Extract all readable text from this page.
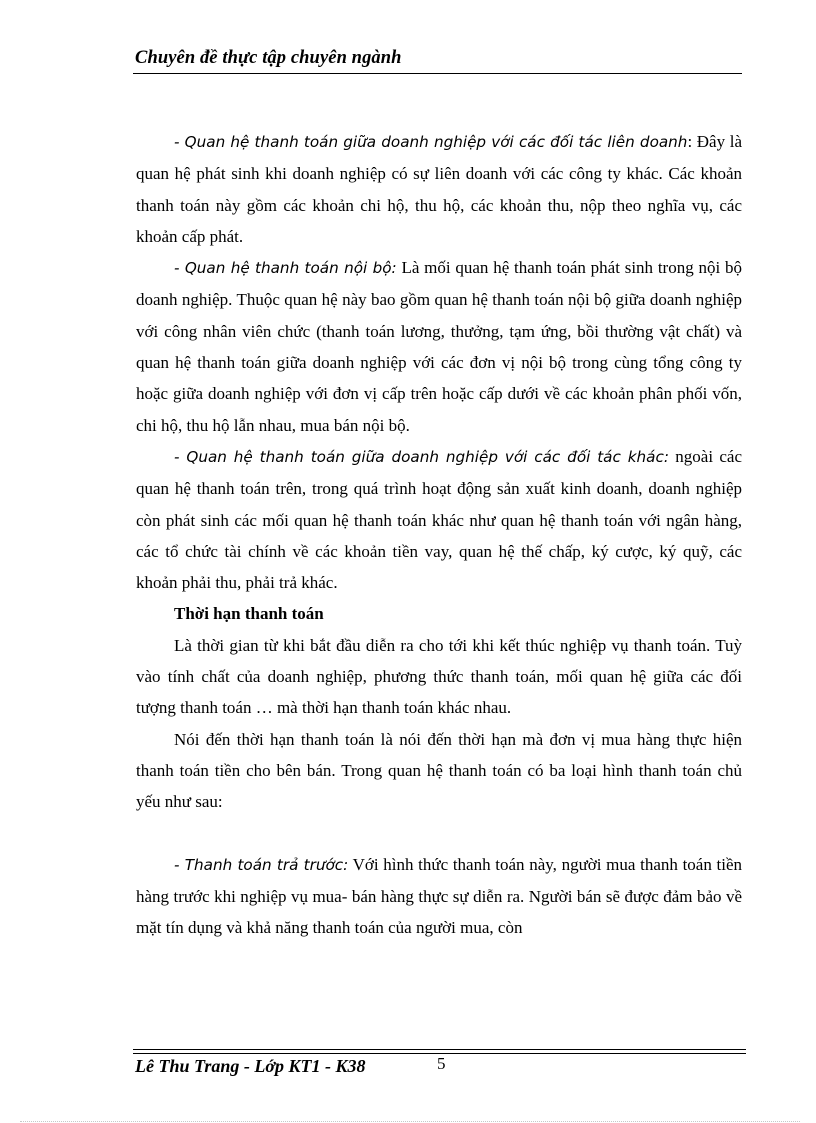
Chuyên đề thực tập chuyên ngành

- Quan hệ thanh toán giữa doanh nghiệp với các đối tác liên doanh: Đây là quan hệ phát sinh khi doanh nghiệp có sự liên doanh với các công ty khác. Các khoản thanh toán này gồm các khoản chi hộ, thu hộ, các khoản thu, nộp theo nghĩa vụ, các khoản cấp phát.

- Quan hệ thanh toán nội bộ: Là mối quan hệ thanh toán phát sinh trong nội bộ doanh nghiệp. Thuộc quan hệ này bao gồm quan hệ thanh toán nội bộ giữa doanh nghiệp với công nhân viên chức (thanh toán lương, thưởng, tạm ứng, bồi thường vật chất) và quan hệ thanh toán giữa doanh nghiệp với các đơn vị nội bộ trong cùng tổng công ty hoặc giữa doanh nghiệp với đơn vị cấp trên hoặc cấp dưới về các khoản phân phối vốn, chi hộ, thu hộ lẫn nhau, mua bán nội bộ.

- Quan hệ thanh toán giữa doanh nghiệp với các đối tác khác: ngoài các quan hệ thanh toán trên, trong quá trình hoạt động sản xuất kinh doanh, doanh nghiệp còn phát sinh các mối quan hệ thanh toán khác như quan hệ thanh toán với ngân hàng, các tổ chức tài chính về các khoản tiền vay, quan hệ thế chấp, ký cược, ký quỹ, các khoản phải thu, phải trả khác.

Thời hạn thanh toán

Là thời gian từ khi bắt đầu diễn ra cho tới khi kết thúc nghiệp vụ thanh toán. Tuỳ vào tính chất của doanh nghiệp, phương thức thanh toán, mối quan hệ giữa các đối tượng thanh toán … mà thời hạn thanh toán khác nhau.

Nói đến thời hạn thanh toán là nói đến thời hạn mà đơn vị mua hàng thực hiện thanh toán tiền cho bên bán. Trong quan hệ thanh toán có ba loại hình thanh toán chủ yếu như sau:

- Thanh toán trả trước: Với hình thức thanh toán này, người mua thanh toán tiền hàng trước khi nghiệp vụ mua- bán hàng thực sự diễn ra. Người bán sẽ được đảm bảo về mặt tín dụng và khả năng thanh toán của người mua, còn

Lê Thu Trang - Lớp KT1 - K38	5
